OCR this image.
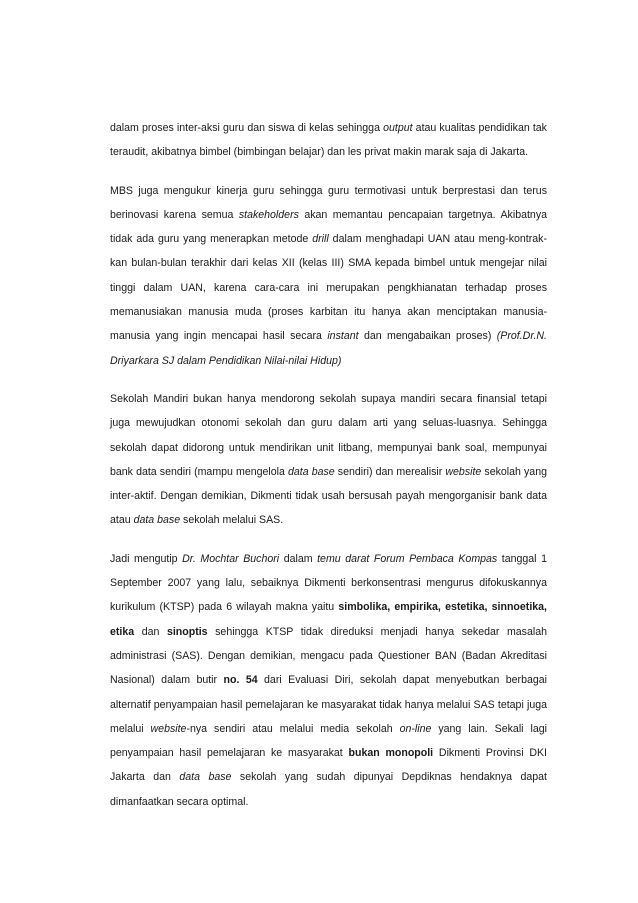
dalam proses inter-aksi guru dan siswa di kelas sehingga output atau kualitas pendidikan tak teraudit, akibatnya bimbel (bimbingan belajar) dan les privat makin marak saja di Jakarta.

MBS juga mengukur kinerja guru sehingga guru termotivasi untuk berprestasi dan terus berinovasi karena semua stakeholders akan memantau pencapaian targetnya. Akibatnya tidak ada guru yang menerapkan metode drill dalam menghadapi UAN atau meng-kontrak-kan bulan-bulan terakhir dari kelas XII (kelas III) SMA kepada bimbel untuk mengejar nilai tinggi dalam UAN, karena cara-cara ini merupakan pengkhianatan terhadap proses memanusiakan manusia muda (proses karbitan itu hanya akan menciptakan manusia-manusia yang ingin mencapai hasil secara instant dan mengabaikan proses) (Prof.Dr.N. Driyarkara SJ dalam Pendidikan Nilai-nilai Hidup)

Sekolah Mandiri bukan hanya mendorong sekolah supaya mandiri secara finansial tetapi juga mewujudkan otonomi sekolah dan guru dalam arti yang seluas-luasnya. Sehingga sekolah dapat didorong untuk mendirikan unit litbang, mempunyai bank soal, mempunyai bank data sendiri (mampu mengelola data base sendiri) dan merealisir website sekolah yang inter-aktif. Dengan demikian, Dikmenti tidak usah bersusah payah mengorganisir bank data atau data base sekolah melalui SAS.

Jadi mengutip Dr. Mochtar Buchori dalam temu darat Forum Pembaca Kompas tanggal 1 September 2007 yang lalu, sebaiknya Dikmenti berkonsentrasi mengurus difokuskannya kurikulum (KTSP) pada 6 wilayah makna yaitu simbolika, empirika, estetika, sinnoetika, etika dan sinoptis sehingga KTSP tidak direduksi menjadi hanya sekedar masalah administrasi (SAS). Dengan demikian, mengacu pada Questioner BAN (Badan Akreditasi Nasional) dalam butir no. 54 dari Evaluasi Diri, sekolah dapat menyebutkan berbagai alternatif penyampaian hasil pemelajaran ke masyarakat tidak hanya melalui SAS tetapi juga melalui website-nya sendiri atau melalui media sekolah on-line yang lain. Sekali lagi penyampaian hasil pemelajaran ke masyarakat bukan monopoli Dikmenti Provinsi DKI Jakarta dan data base sekolah yang sudah dipunyai Depdiknas hendaknya dapat dimanfaatkan secara optimal.
